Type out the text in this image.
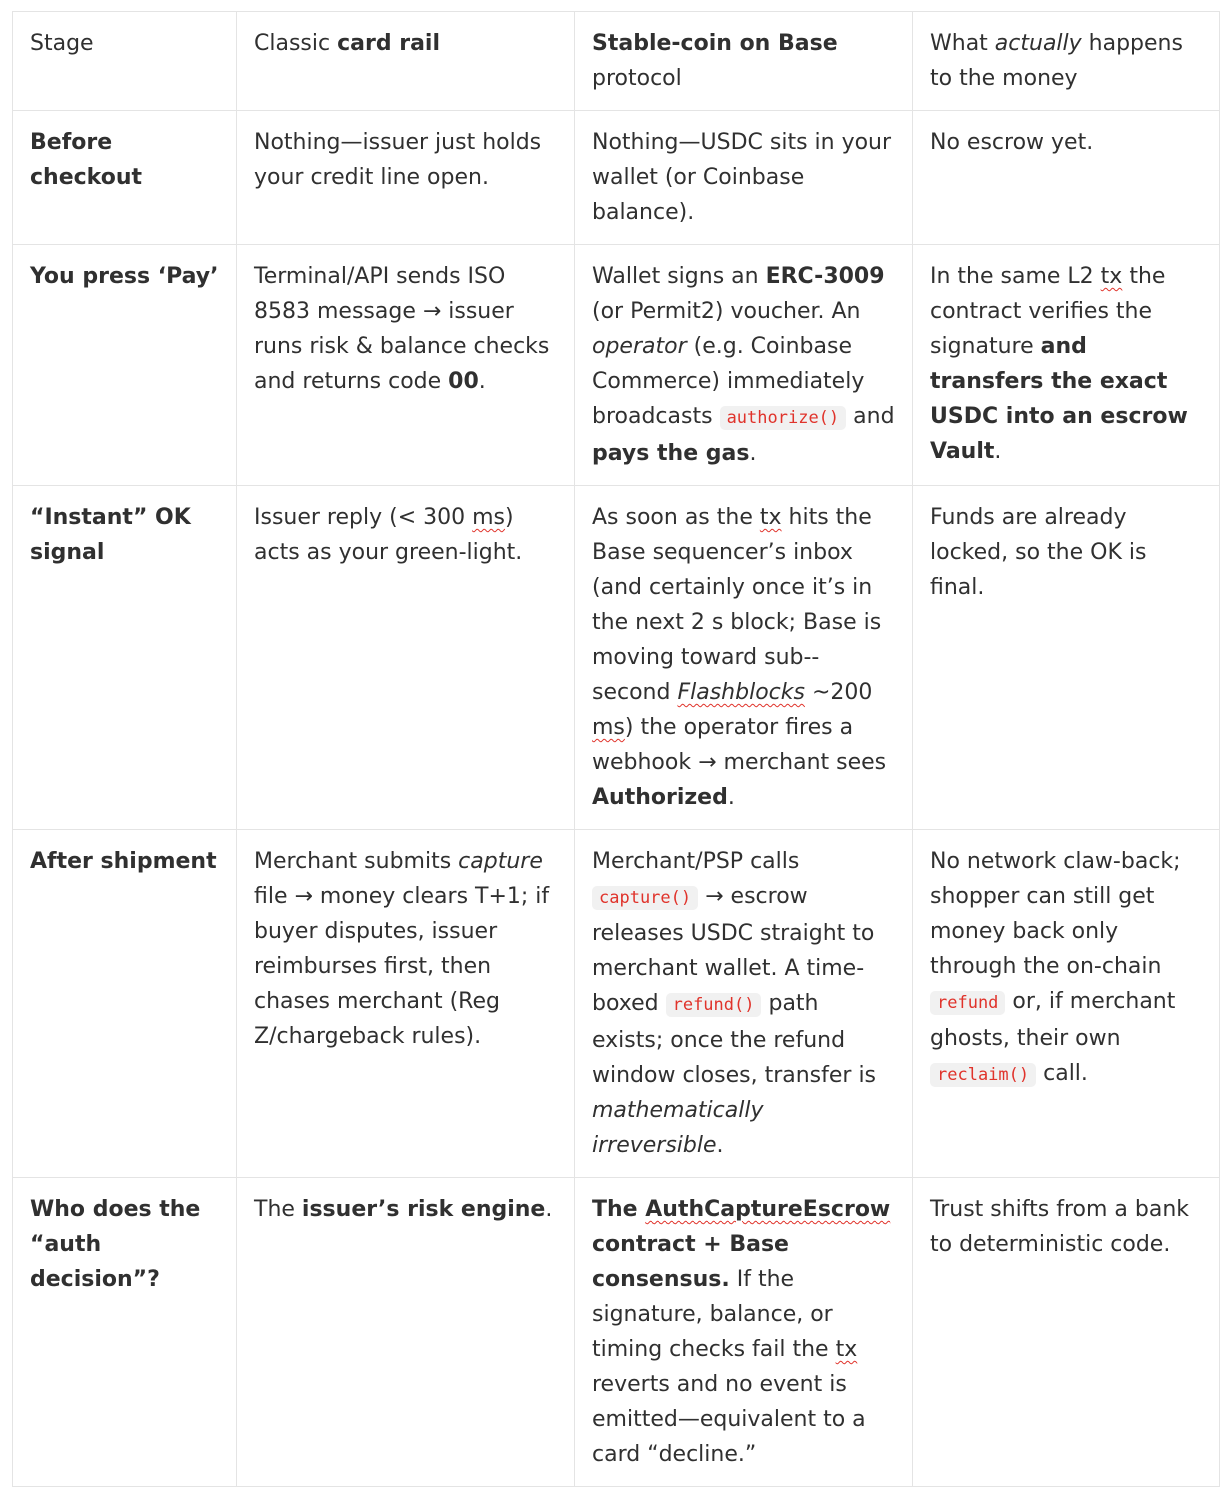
Stage	Classic card rail	Stable-coin on Base protocol	What actually happens to the money
Before checkout	Nothing—issuer just holds your credit line open.	Nothing—USDC sits in your wallet (or Coinbase balance).	No escrow yet.
You press ‘Pay’	Terminal/API sends ISO 8583 message → issuer runs risk & balance checks and returns code 00.	Wallet signs an ERC-3009 (or Permit2) voucher. An operator (e.g. Coinbase Commerce) immediately broadcasts authorize() and pays the gas.	In the same L2 tx the contract verifies the signature and transfers the exact USDC into an escrow Vault.
“Instant” OK signal	Issuer reply (< 300 ms) acts as your green-light.	As soon as the tx hits the Base sequencer’s inbox (and certainly once it’s in the next 2 s block; Base is moving toward sub--second Flashblocks ~200 ms) the operator fires a webhook → merchant sees Authorized.	Funds are already locked, so the OK is final.
After shipment	Merchant submits capture file → money clears T+1; if buyer disputes, issuer reimburses first, then chases merchant (Reg Z/chargeback rules).	Merchant/PSP calls capture() → escrow releases USDC straight to merchant wallet. A time-boxed refund() path exists; once the refund window closes, transfer is mathematically irreversible.	No network claw-back; shopper can still get money back only through the on-chain refund or, if merchant ghosts, their own reclaim() call.
Who does the “auth decision”?	The issuer’s risk engine.	The AuthCaptureEscrow contract + Base consensus. If the signature, balance, or timing checks fail the tx reverts and no event is emitted—equivalent to a card “decline.”	Trust shifts from a bank to deterministic code.
